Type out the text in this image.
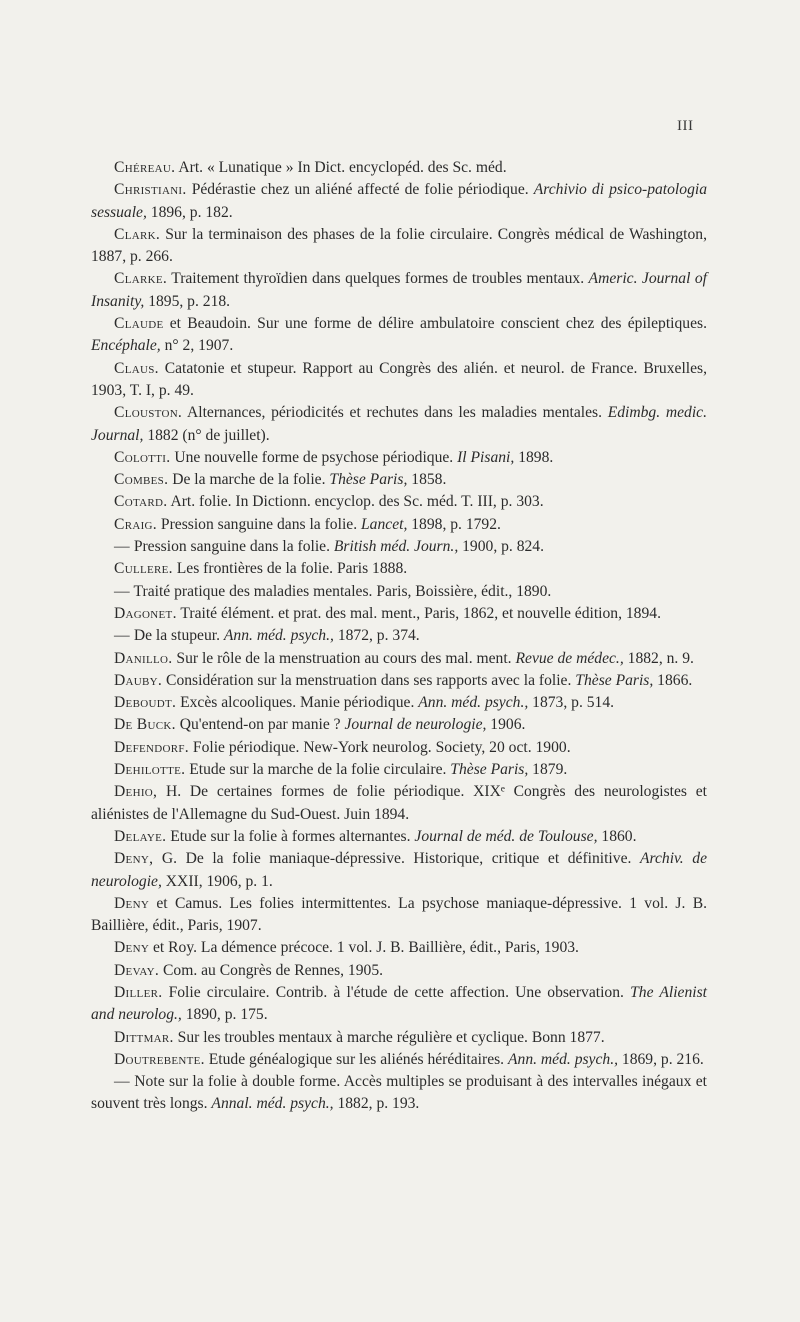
III

Chéreau. Art. « Lunatique » In Dict. encyclopéd. des Sc. méd.

Christiani. Pédérastie chez un aliéné affecté de folie périodique. Archivio di psico-patologia sessuale, 1896, p. 182.

Clark. Sur la terminaison des phases de la folie circulaire. Congrès médical de Washington, 1887, p. 266.

Clarke. Traitement thyroïdien dans quelques formes de troubles mentaux. Americ. Journal of Insanity, 1895, p. 218.

Claude et Beaudoin. Sur une forme de délire ambulatoire conscient chez des épileptiques. Encéphale, n° 2, 1907.

Claus. Catatonie et stupeur. Rapport au Congrès des alién. et neurol. de France. Bruxelles, 1903, T. I, p. 49.

Clouston. Alternances, périodicités et rechutes dans les maladies mentales. Edimbg. medic. Journal, 1882 (n° de juillet).

Colotti. Une nouvelle forme de psychose périodique. Il Pisani, 1898.

Combes. De la marche de la folie. Thèse Paris, 1858.

Cotard. Art. folie. In Dictionn. encyclop. des Sc. méd. T. III, p. 303.

Craig. Pression sanguine dans la folie. Lancet, 1898, p. 1792.

— Pression sanguine dans la folie. British méd. Journ., 1900, p. 824.

Cullere. Les frontières de la folie. Paris 1888.

— Traité pratique des maladies mentales. Paris, Boissière, édit., 1890.

Dagonet. Traité élément. et prat. des mal. ment., Paris, 1862, et nouvelle édition, 1894.

— De la stupeur. Ann. méd. psych., 1872, p. 374.

Danillo. Sur le rôle de la menstruation au cours des mal. ment. Revue de médec., 1882, n. 9.

Dauby. Considération sur la menstruation dans ses rapports avec la folie. Thèse Paris, 1866.

Deboudt. Excès alcooliques. Manie périodique. Ann. méd. psych., 1873, p. 514.

De Buck. Qu'entend-on par manie ? Journal de neurologie, 1906.

Defendorf. Folie périodique. New-York neurolog. Society, 20 oct. 1900.

Dehilotte. Etude sur la marche de la folie circulaire. Thèse Paris, 1879.

Dehio, H. De certaines formes de folie périodique. XIXᵉ Congrès des neurologistes et aliénistes de l'Allemagne du Sud-Ouest. Juin 1894.

Delaye. Etude sur la folie à formes alternantes. Journal de méd. de Toulouse, 1860.

Deny, G. De la folie maniaque-dépressive. Historique, critique et définitive. Archiv. de neurologie, XXII, 1906, p. 1.

Deny et Camus. Les folies intermittentes. La psychose maniaque-dépressive. 1 vol. J. B. Baillière, édit., Paris, 1907.

Deny et Roy. La démence précoce. 1 vol. J. B. Baillière, édit., Paris, 1903.

Devay. Com. au Congrès de Rennes, 1905.

Diller. Folie circulaire. Contrib. à l'étude de cette affection. Une observation. The Alienist and neurolog., 1890, p. 175.

Dittmar. Sur les troubles mentaux à marche régulière et cyclique. Bonn 1877.

Doutrebente. Etude généalogique sur les aliénés héréditaires. Ann. méd. psych., 1869, p. 216.

— Note sur la folie à double forme. Accès multiples se produisant à des intervalles inégaux et souvent très longs. Annal. méd. psych., 1882, p. 193.
